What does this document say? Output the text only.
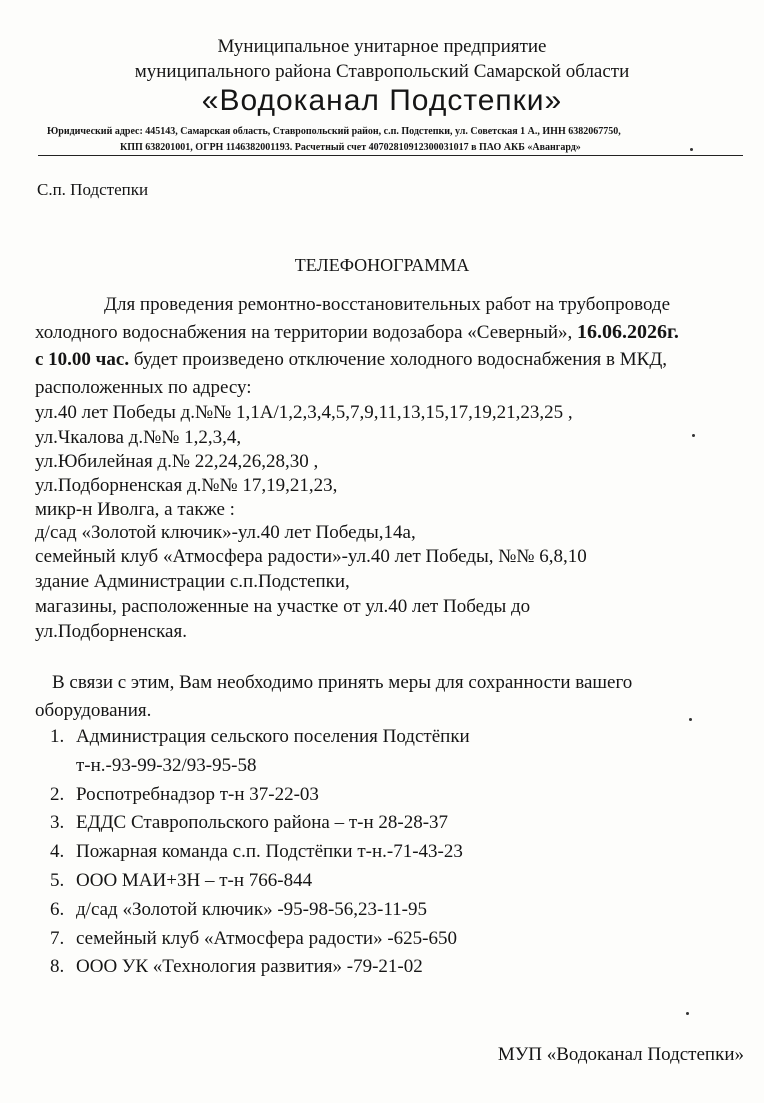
Муниципальное унитарное предприятие
муниципального района Ставропольский Самарской области
«Водоканал Подстепки»
Юридический адрес: 445143, Самарская область, Ставропольский район, с.п. Подстепки, ул. Советская 1 А., ИНН 6382067750,
КПП 638201001, ОГРН 1146382001193. Расчетный счет 40702810912300031017 в ПАО АКБ «Авангард»
С.п. Подстепки
ТЕЛЕФОНОГРАММА
Для проведения ремонтно-восстановительных работ на трубопроводе
холодного водоснабжения на территории водозабора «Северный», 16.06.2026г.
с 10.00 час. будет произведено отключение холодного водоснабжения в МКД,
расположенных по адресу:
ул.40 лет Победы д.№№ 1,1А/1,2,3,4,5,7,9,11,13,15,17,19,21,23,25 ,
ул.Чкалова д.№№ 1,2,3,4,
ул.Юбилейная д.№ 22,24,26,28,30 ,
ул.Подборненская д.№№ 17,19,21,23,
микр-н Иволга, а также :
д/сад «Золотой ключик»-ул.40 лет Победы,14а,
семейный клуб «Атмосфера радости»-ул.40 лет Победы, №№ 6,8,10
здание Администрации с.п.Подстепки,
магазины, расположенные на участке от ул.40 лет Победы до
ул.Подборненская.
В связи с этим, Вам необходимо принять меры для сохранности вашего
оборудования.
1. Администрация сельского поселения Подстёпки
т-н.-93-99-32/93-95-58
2. Роспотребнадзор т-н 37-22-03
3. ЕДДС Ставропольского района – т-н 28-28-37
4. Пожарная команда с.п. Подстёпки т-н.-71-43-23
5. ООО МАИ+ЗН – т-н 766-844
6. д/сад «Золотой ключик» -95-98-56,23-11-95
7. семейный клуб «Атмосфера радости» -625-650
8. ООО УК «Технология развития» -79-21-02
МУП «Водоканал Подстепки»
